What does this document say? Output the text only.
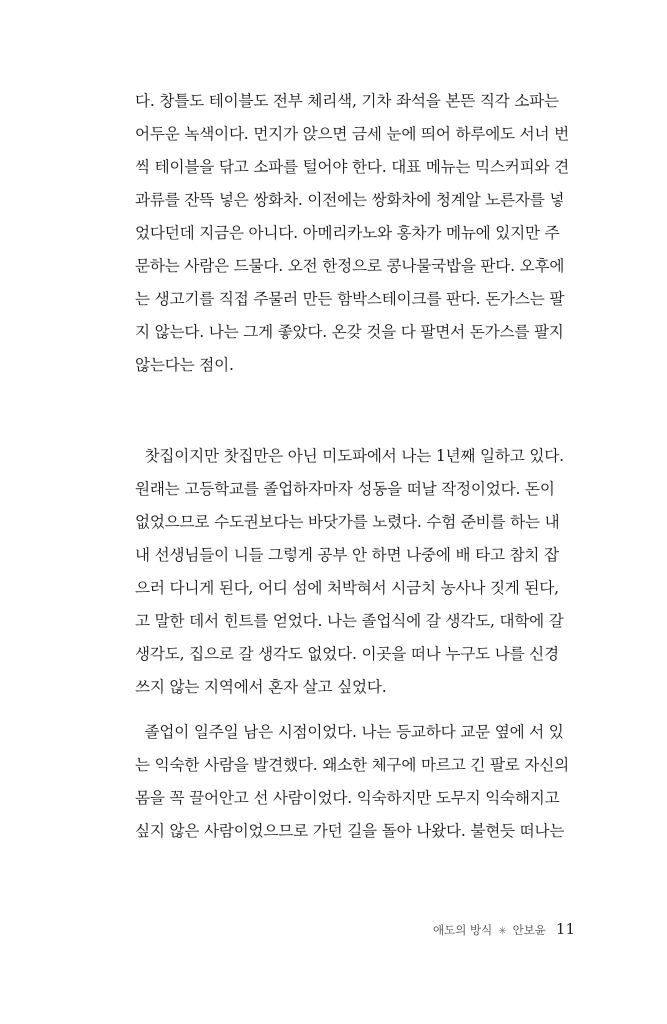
다. 창틀도 테이블도 전부 체리색, 기차 좌석을 본뜬 직각 소파는
어두운 녹색이다. 먼지가 앉으면 금세 눈에 띄어 하루에도 서너 번
씩 테이블을 닦고 소파를 털어야 한다. 대표 메뉴는 믹스커피와 견
과류를 잔뜩 넣은 쌍화차. 이전에는 쌍화차에 청계알 노른자를 넣
었다던데 지금은 아니다. 아메리카노와 홍차가 메뉴에 있지만 주
문하는 사람은 드물다. 오전 한정으로 콩나물국밥을 판다. 오후에
는 생고기를 직접 주물러 만든 함박스테이크를 판다. 돈가스는 팔
지 않는다. 나는 그게 좋았다. 온갖 것을 다 팔면서 돈가스를 팔지
않는다는 점이.
찻집이지만 찻집만은 아닌 미도파에서 나는 1년째 일하고 있다.
원래는 고등학교를 졸업하자마자 성동을 떠날 작정이었다. 돈이
없었으므로 수도권보다는 바닷가를 노렸다. 수험 준비를 하는 내
내 선생님들이 니들 그렇게 공부 안 하면 나중에 배 타고 참치 잡
으러 다니게 된다, 어디 섬에 처박혀서 시금치 농사나 짓게 된다,
고 말한 데서 힌트를 얻었다. 나는 졸업식에 갈 생각도, 대학에 갈
생각도, 집으로 갈 생각도 없었다. 이곳을 떠나 누구도 나를 신경
쓰지 않는 지역에서 혼자 살고 싶었다.
졸업이 일주일 남은 시점이었다. 나는 등교하다 교문 옆에 서 있
는 익숙한 사람을 발견했다. 왜소한 체구에 마르고 긴 팔로 자신의
몸을 꼭 끌어안고 선 사람이었다. 익숙하지만 도무지 익숙해지고
싶지 않은 사람이었으므로 가던 길을 돌아 나왔다. 불현듯 떠나는
애도의 방식 ✳ 안보윤 11
